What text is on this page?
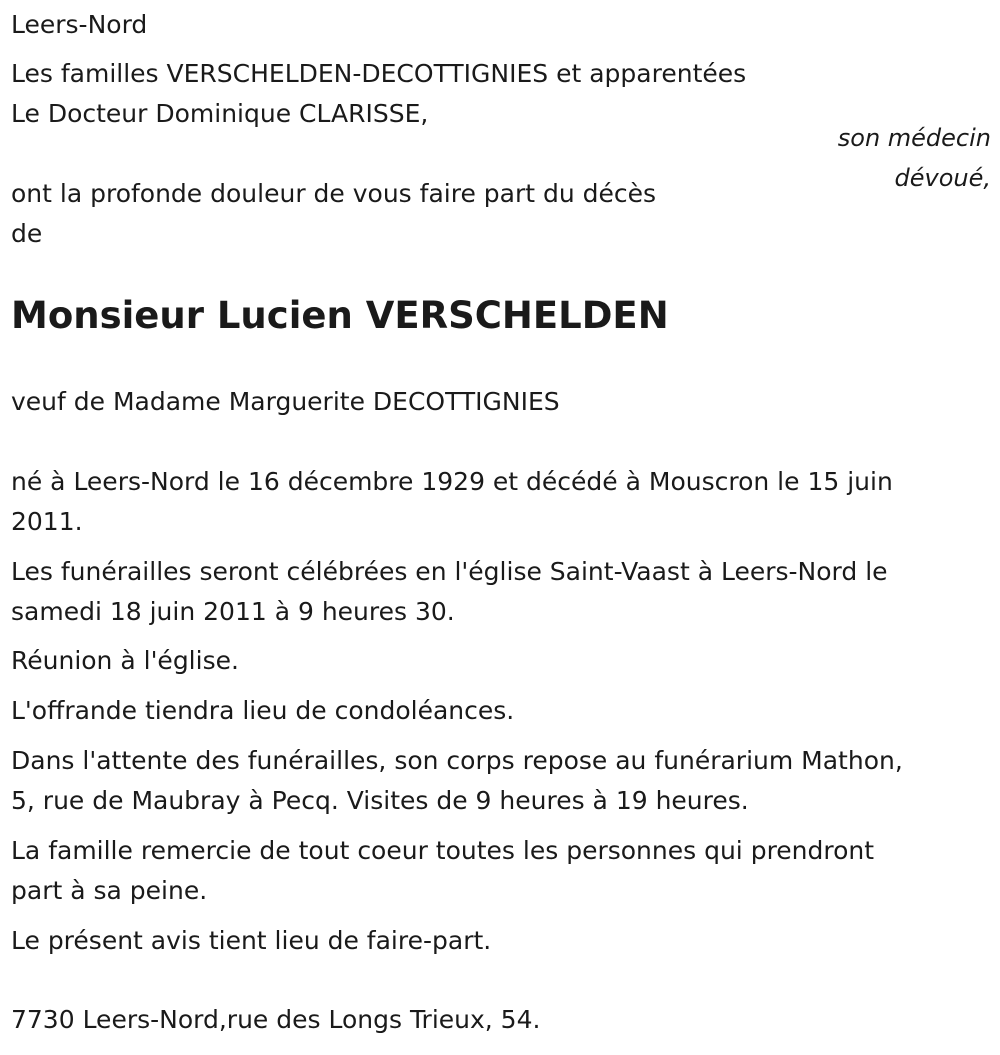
Leers-Nord
Les familles VERSCHELDEN-DECOTTIGNIES et apparentées
Le Docteur Dominique CLARISSE,
ont la profonde douleur de vous faire part du décès
de
veuf de Madame Marguerite DECOTTIGNIES
né à Leers-Nord le 16 décembre 1929 et décédé à Mouscron le 15 juin
2011.
Les funérailles seront célébrées en l'église Saint-Vaast à Leers-Nord le
samedi 18 juin 2011 à 9 heures 30.
Réunion à l'église.
L'offrande tiendra lieu de condoléances.
Dans l'attente des funérailles, son corps repose au funérarium Mathon,
5, rue de Maubray à Pecq. Visites de 9 heures à 19 heures.
La famille remercie de tout coeur toutes les personnes qui prendront
part à sa peine.
Le présent avis tient lieu de faire-part.
7730 Leers-Nord,rue des Longs Trieux, 54.
Monsieur Lucien VERSCHELDEN
son médecin
dévoué,
